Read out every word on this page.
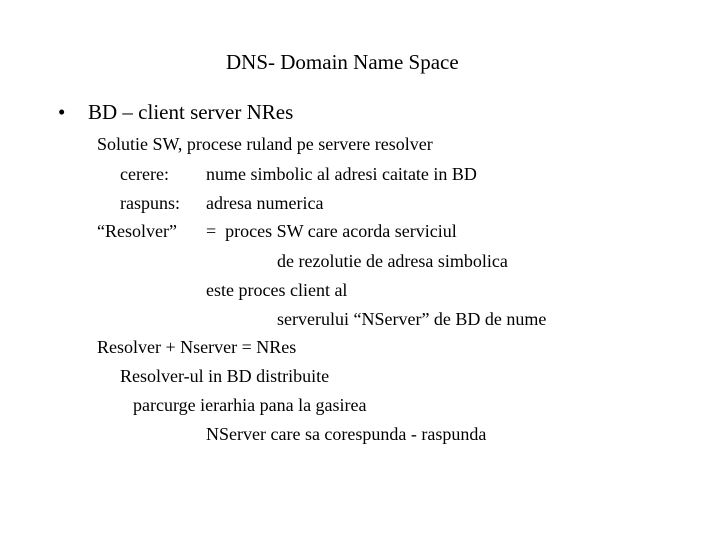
DNS- Domain Name Space
• BD – client server NRes
Solutie SW, procese ruland pe servere resolver
cerere: nume simbolic al adresi caitate in BD
raspuns: adresa numerica
“Resolver” =  proces SW care acorda serviciul
de rezolutie de adresa simbolica
este proces client al
serverului “NServer” de BD de nume
Resolver + Nserver = NRes
Resolver-ul in BD distribuite
parcurge ierarhia pana la gasirea
NServer care sa corespunda - raspunda
